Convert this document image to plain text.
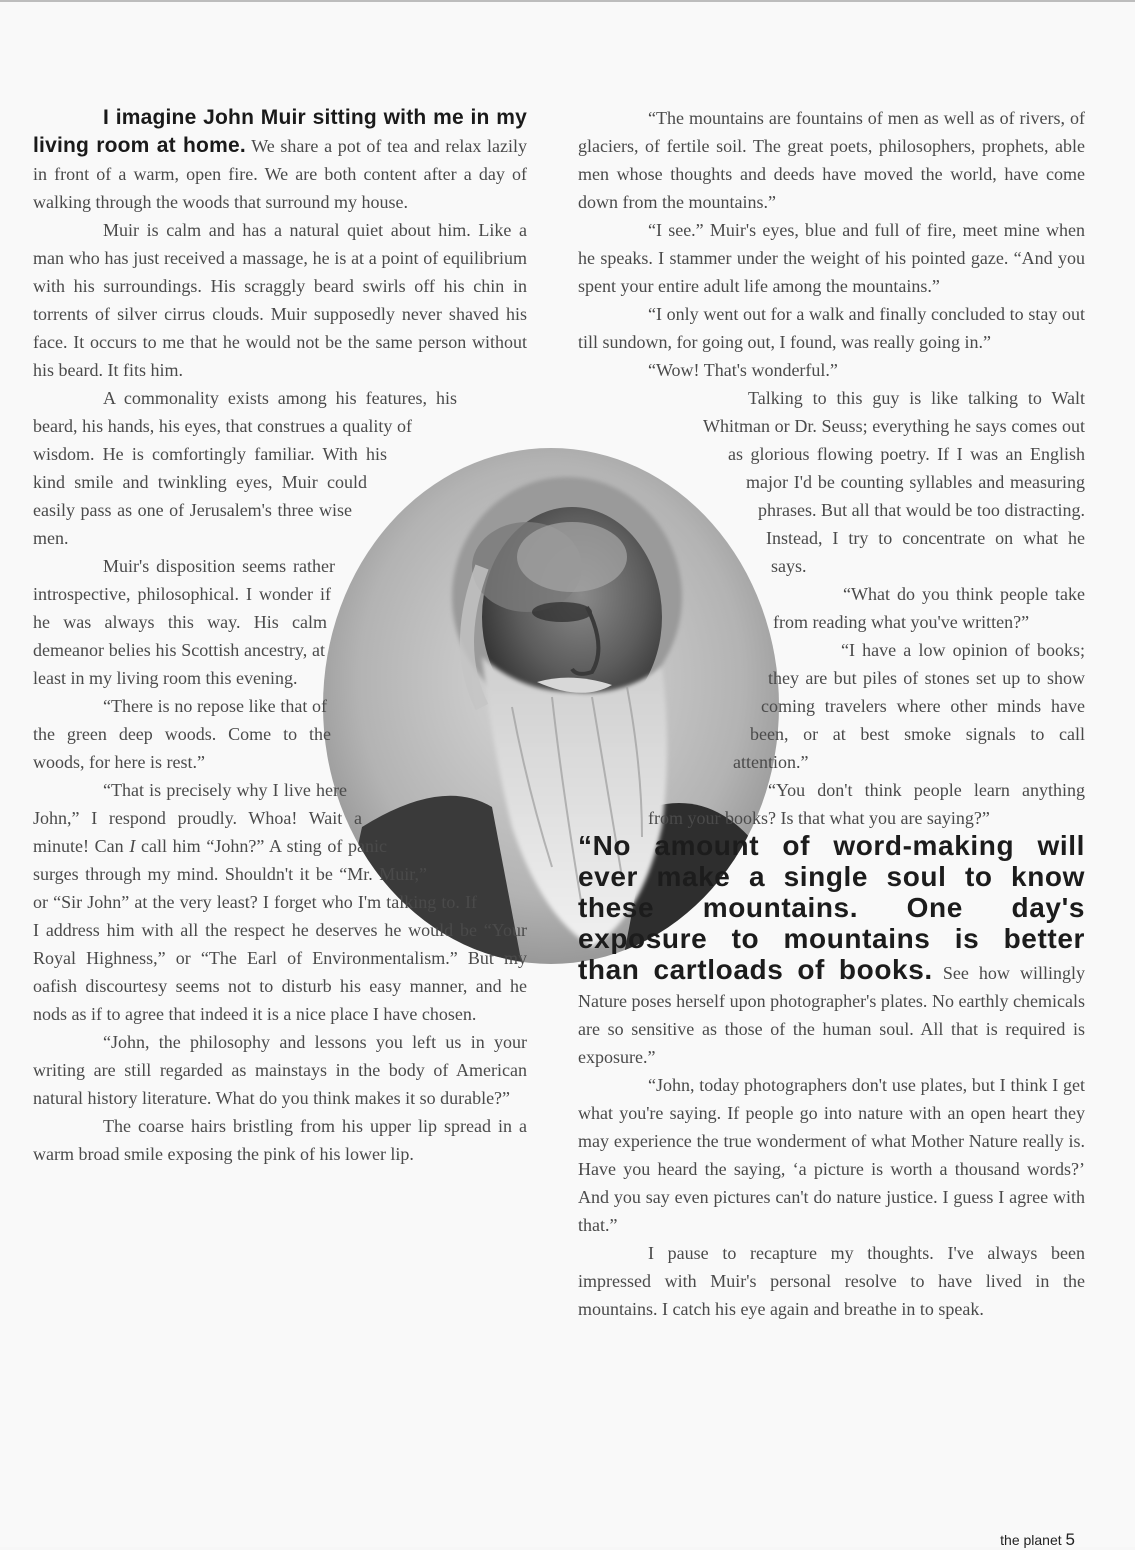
I imagine John Muir sitting with me in my living room at home. We share a pot of tea and relax lazily in front of a warm, open fire. We are both content after a day of walking through the woods that surround my house.

Muir is calm and has a natural quiet about him. Like a man who has just received a massage, he is at a point of equilibrium with his surroundings. His scraggly beard swirls off his chin in torrents of silver cirrus clouds. Muir supposedly never shaved his face. It occurs to me that he would not be the same person without his beard. It fits him.

A commonality exists among his features, his beard, his hands, his eyes, that construes a quality of wisdom. He is comfortingly familiar. With his kind smile and twinkling eyes, Muir could easily pass as one of Jerusalem's three wise men.

Muir's disposition seems rather introspective, philosophical. I wonder if he was always this way. His calm demeanor belies his Scottish ancestry, at least in my living room this evening.

“There is no repose like that of the green deep woods. Come to the woods, for here is rest.”

“That is precisely why I live here John,” I respond proudly. Whoa! Wait a minute! Can I call him “John?” A sting of panic surges through my mind. Shouldn't it be “Mr. Muir,” or “Sir John” at the very least? I forget who I'm talking to. If I address him with all the respect he deserves he would be “Your Royal Highness,” or “The Earl of Environmentalism.” But my oafish discourtesy seems not to disturb his easy manner, and he nods as if to agree that indeed it is a nice place I have chosen.

“John, the philosophy and lessons you left us in your writing are still regarded as mainstays in the body of American natural history literature. What do you think makes it so durable?”

The coarse hairs bristling from his upper lip spread in a warm broad smile exposing the pink of his lower lip.

“The mountains are fountains of men as well as of rivers, of glaciers, of fertile soil. The great poets, philosophers, prophets, able men whose thoughts and deeds have moved the world, have come down from the mountains.”

“I see.” Muir's eyes, blue and full of fire, meet mine when he speaks. I stammer under the weight of his pointed gaze. “And you spent your entire adult life among the mountains.”

“I only went out for a walk and finally concluded to stay out till sundown, for going out, I found, was really going in.”

“Wow! That's wonderful.”

Talking to this guy is like talking to Walt Whitman or Dr. Seuss; everything he says comes out as glorious flowing poetry. If I was an English major I'd be counting syllables and measuring phrases. But all that would be too distracting. Instead, I try to concentrate on what he says.

“What do you think people take from reading what you've written?”

“I have a low opinion of books; they are but piles of stones set up to show coming travelers where other minds have been, or at best smoke signals to call attention.”

“You don't think people learn anything from your books? Is that what you are saying?”

“No amount of word-making will ever make a single soul to know these mountains. One day's exposure to mountains is better than cartloads of books. See how willingly Nature poses herself upon photographer's plates. No earthly chemicals are so sensitive as those of the human soul. All that is required is exposure.”

“John, today photographers don't use plates, but I think I get what you're saying. If people go into nature with an open heart they may experience the true wonderment of what Mother Nature really is. Have you heard the saying, ‘a picture is worth a thousand words?’ And you say even pictures can't do nature justice. I guess I agree with that.”

I pause to recapture my thoughts. I've always been impressed with Muir's personal resolve to have lived in the mountains. I catch his eye again and breathe in to speak.

the planet 5
